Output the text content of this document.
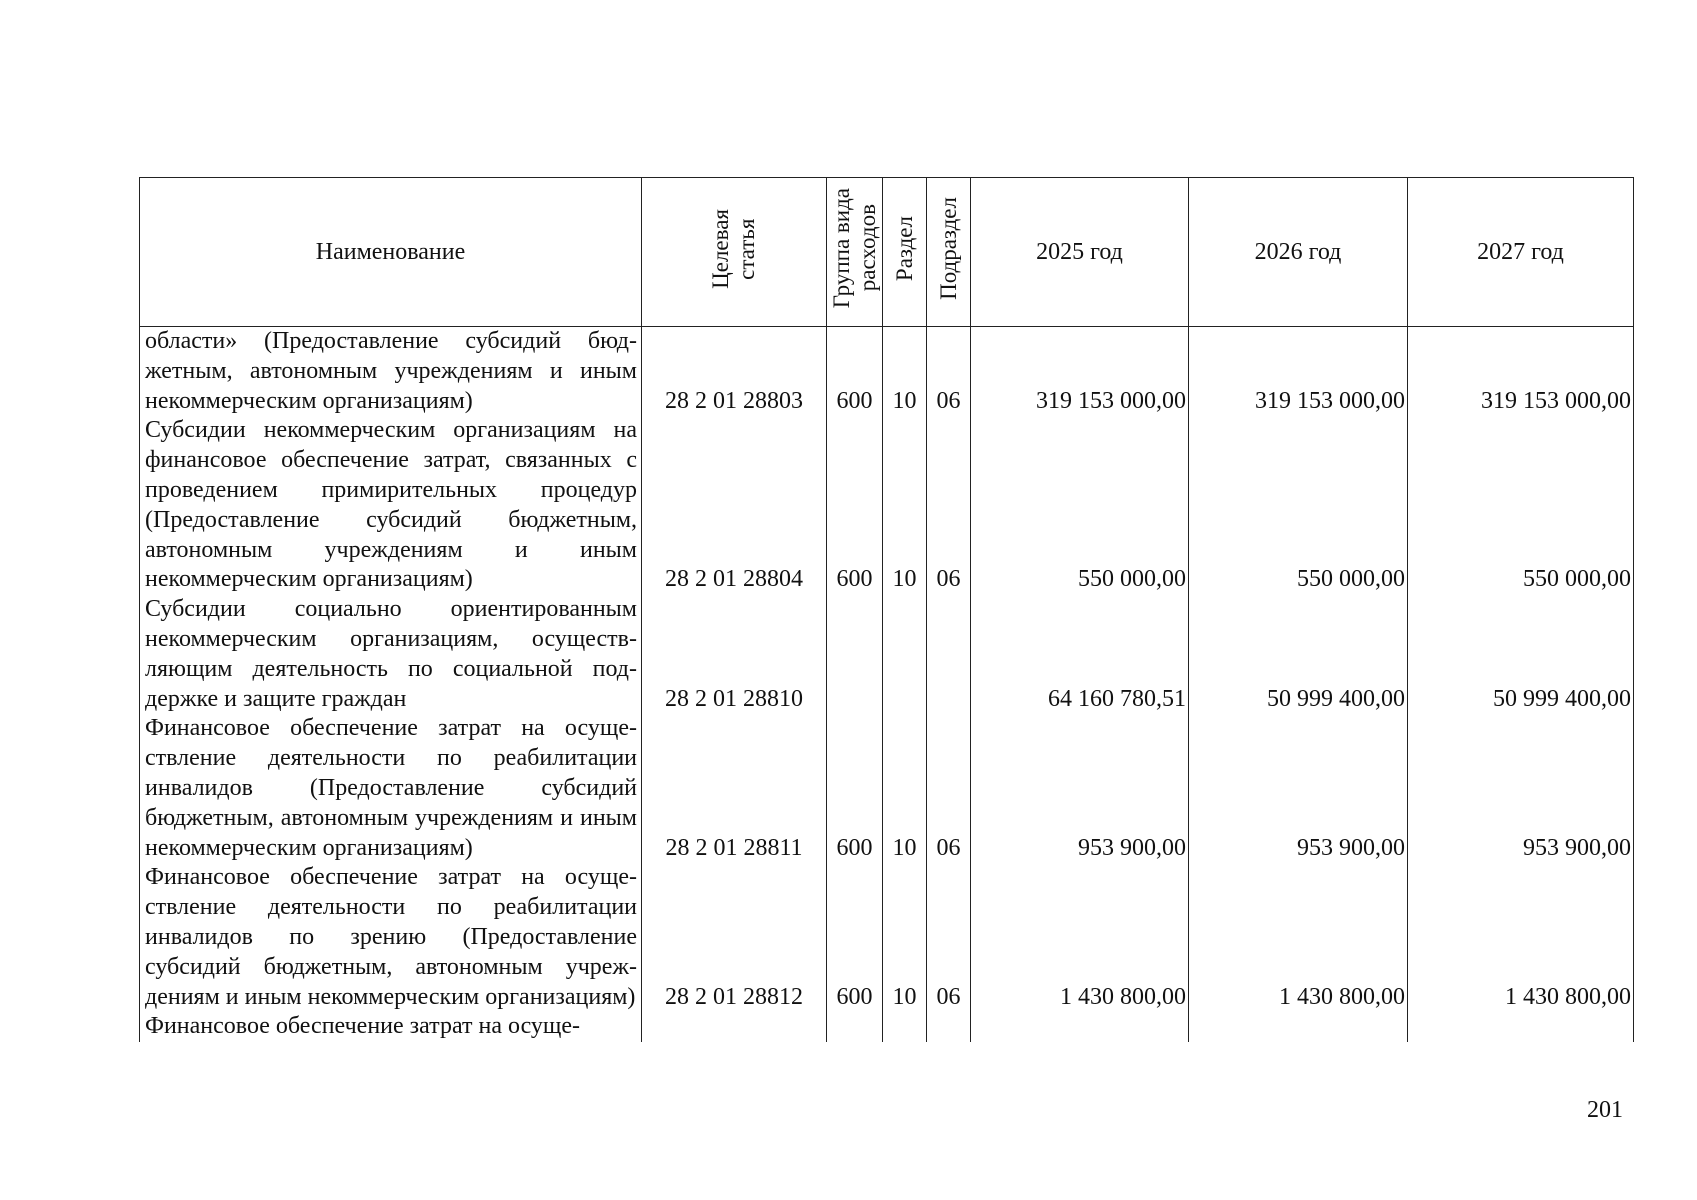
Наименование	Целевая статья	Группа вида расходов	Раздел	Подраздел	2025 год	2026 год	2027 год
области» (Предоставление субсидий бюджетным, автономным учреждениям и иным некоммерческим организациям)	28 2 01 28803	600	10	06	319 153 000,00	319 153 000,00	319 153 000,00
Субсидии некоммерческим организациям на финансовое обеспечение затрат, связанных с проведением примирительных процедур (Предоставление субсидий бюджетным, автономным учреждениям и иным некоммерческим организациям)	28 2 01 28804	600	10	06	550 000,00	550 000,00	550 000,00
Субсидии социально ориентированным некоммерческим организациям, осуществляющим деятельность по социальной поддержке и защите граждан	28 2 01 28810				64 160 780,51	50 999 400,00	50 999 400,00
Финансовое обеспечение затрат на осуществление деятельности по реабилитации инвалидов (Предоставление субсидий бюджетным, автономным учреждениям и иным некоммерческим организациям)	28 2 01 28811	600	10	06	953 900,00	953 900,00	953 900,00
Финансовое обеспечение затрат на осуществление деятельности по реабилитации инвалидов по зрению (Предоставление субсидий бюджетным, автономным учреждениям и иным некоммерческим организациям)	28 2 01 28812	600	10	06	1 430 800,00	1 430 800,00	1 430 800,00
Финансовое обеспечение затрат на осуще-							
201
